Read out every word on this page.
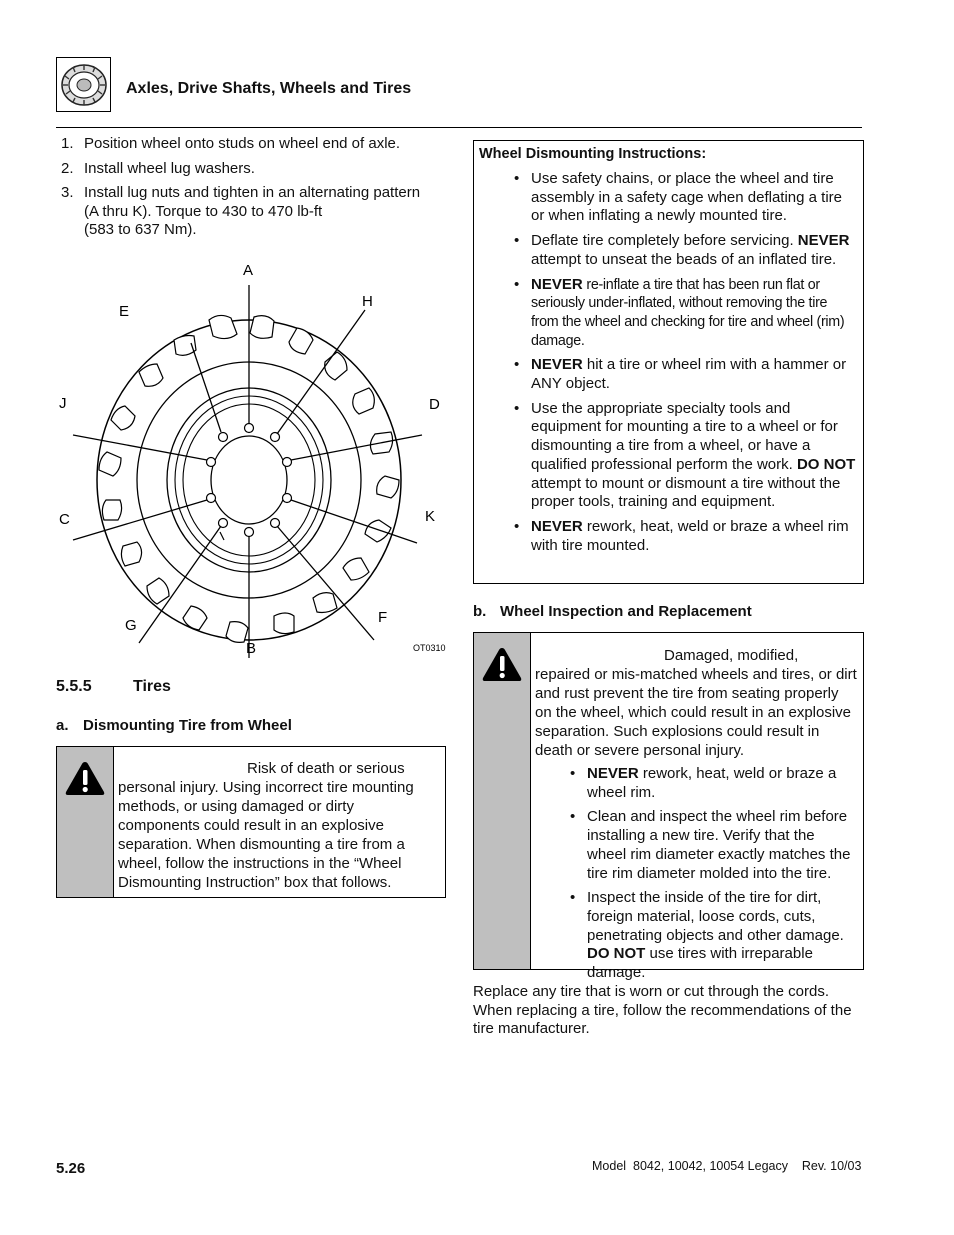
Axles, Drive Shafts, Wheels and Tires
1. Position wheel onto studs on wheel end of axle.
2. Install wheel lug washers.
3. Install lug nuts and tighten in an alternating pattern
(A thru K). Torque to 430 to 470 lb-ft
(583 to 637 Nm).
A
B
C
D
E
F
G
H
J
K
OT0310
5.5.5	Tires
a. Dismounting Tire from Wheel
Risk of death or serious
personal injury. Using incorrect tire mounting
methods, or using damaged or dirty
components could result in an explosive
separation. When dismounting a tire from a
wheel, follow the instructions in the “Wheel
Dismounting Instruction” box that follows.
Wheel Dismounting Instructions:
• Use safety chains, or place the wheel and tire assembly in a safety cage when deflating a tire or when inflating a newly mounted tire.
• Deflate tire completely before servicing. NEVER attempt to unseat the beads of an inflated tire.
• NEVER re-inflate a tire that has been run flat or seriously under-inflated, without removing the tire from the wheel and checking for tire and wheel (rim) damage.
• NEVER hit a tire or wheel rim with a hammer or ANY object.
• Use the appropriate specialty tools and equipment for mounting a tire to a wheel or for dismounting a tire from a wheel, or have a qualified professional perform the work. DO NOT attempt to mount or dismount a tire without the proper tools, training and equipment.
• NEVER rework, heat, weld or braze a wheel rim with tire mounted.
b. Wheel Inspection and Replacement
Damaged, modified, repaired or mis-matched wheels and tires, or dirt and rust prevent the tire from seating properly on the wheel, which could result in an explosive separation. Such explosions could result in death or severe personal injury.
• NEVER rework, heat, weld or braze a wheel rim.
• Clean and inspect the wheel rim before installing a new tire. Verify that the wheel rim diameter exactly matches the tire rim diameter molded into the tire.
• Inspect the inside of the tire for dirt, foreign material, loose cords, cuts, penetrating objects and other damage. DO NOT use tires with irreparable damage.
Replace any tire that is worn or cut through the cords. When replacing a tire, follow the recommendations of the tire manufacturer.
5.26	Model  8042, 10042, 10054 Legacy    Rev. 10/03
